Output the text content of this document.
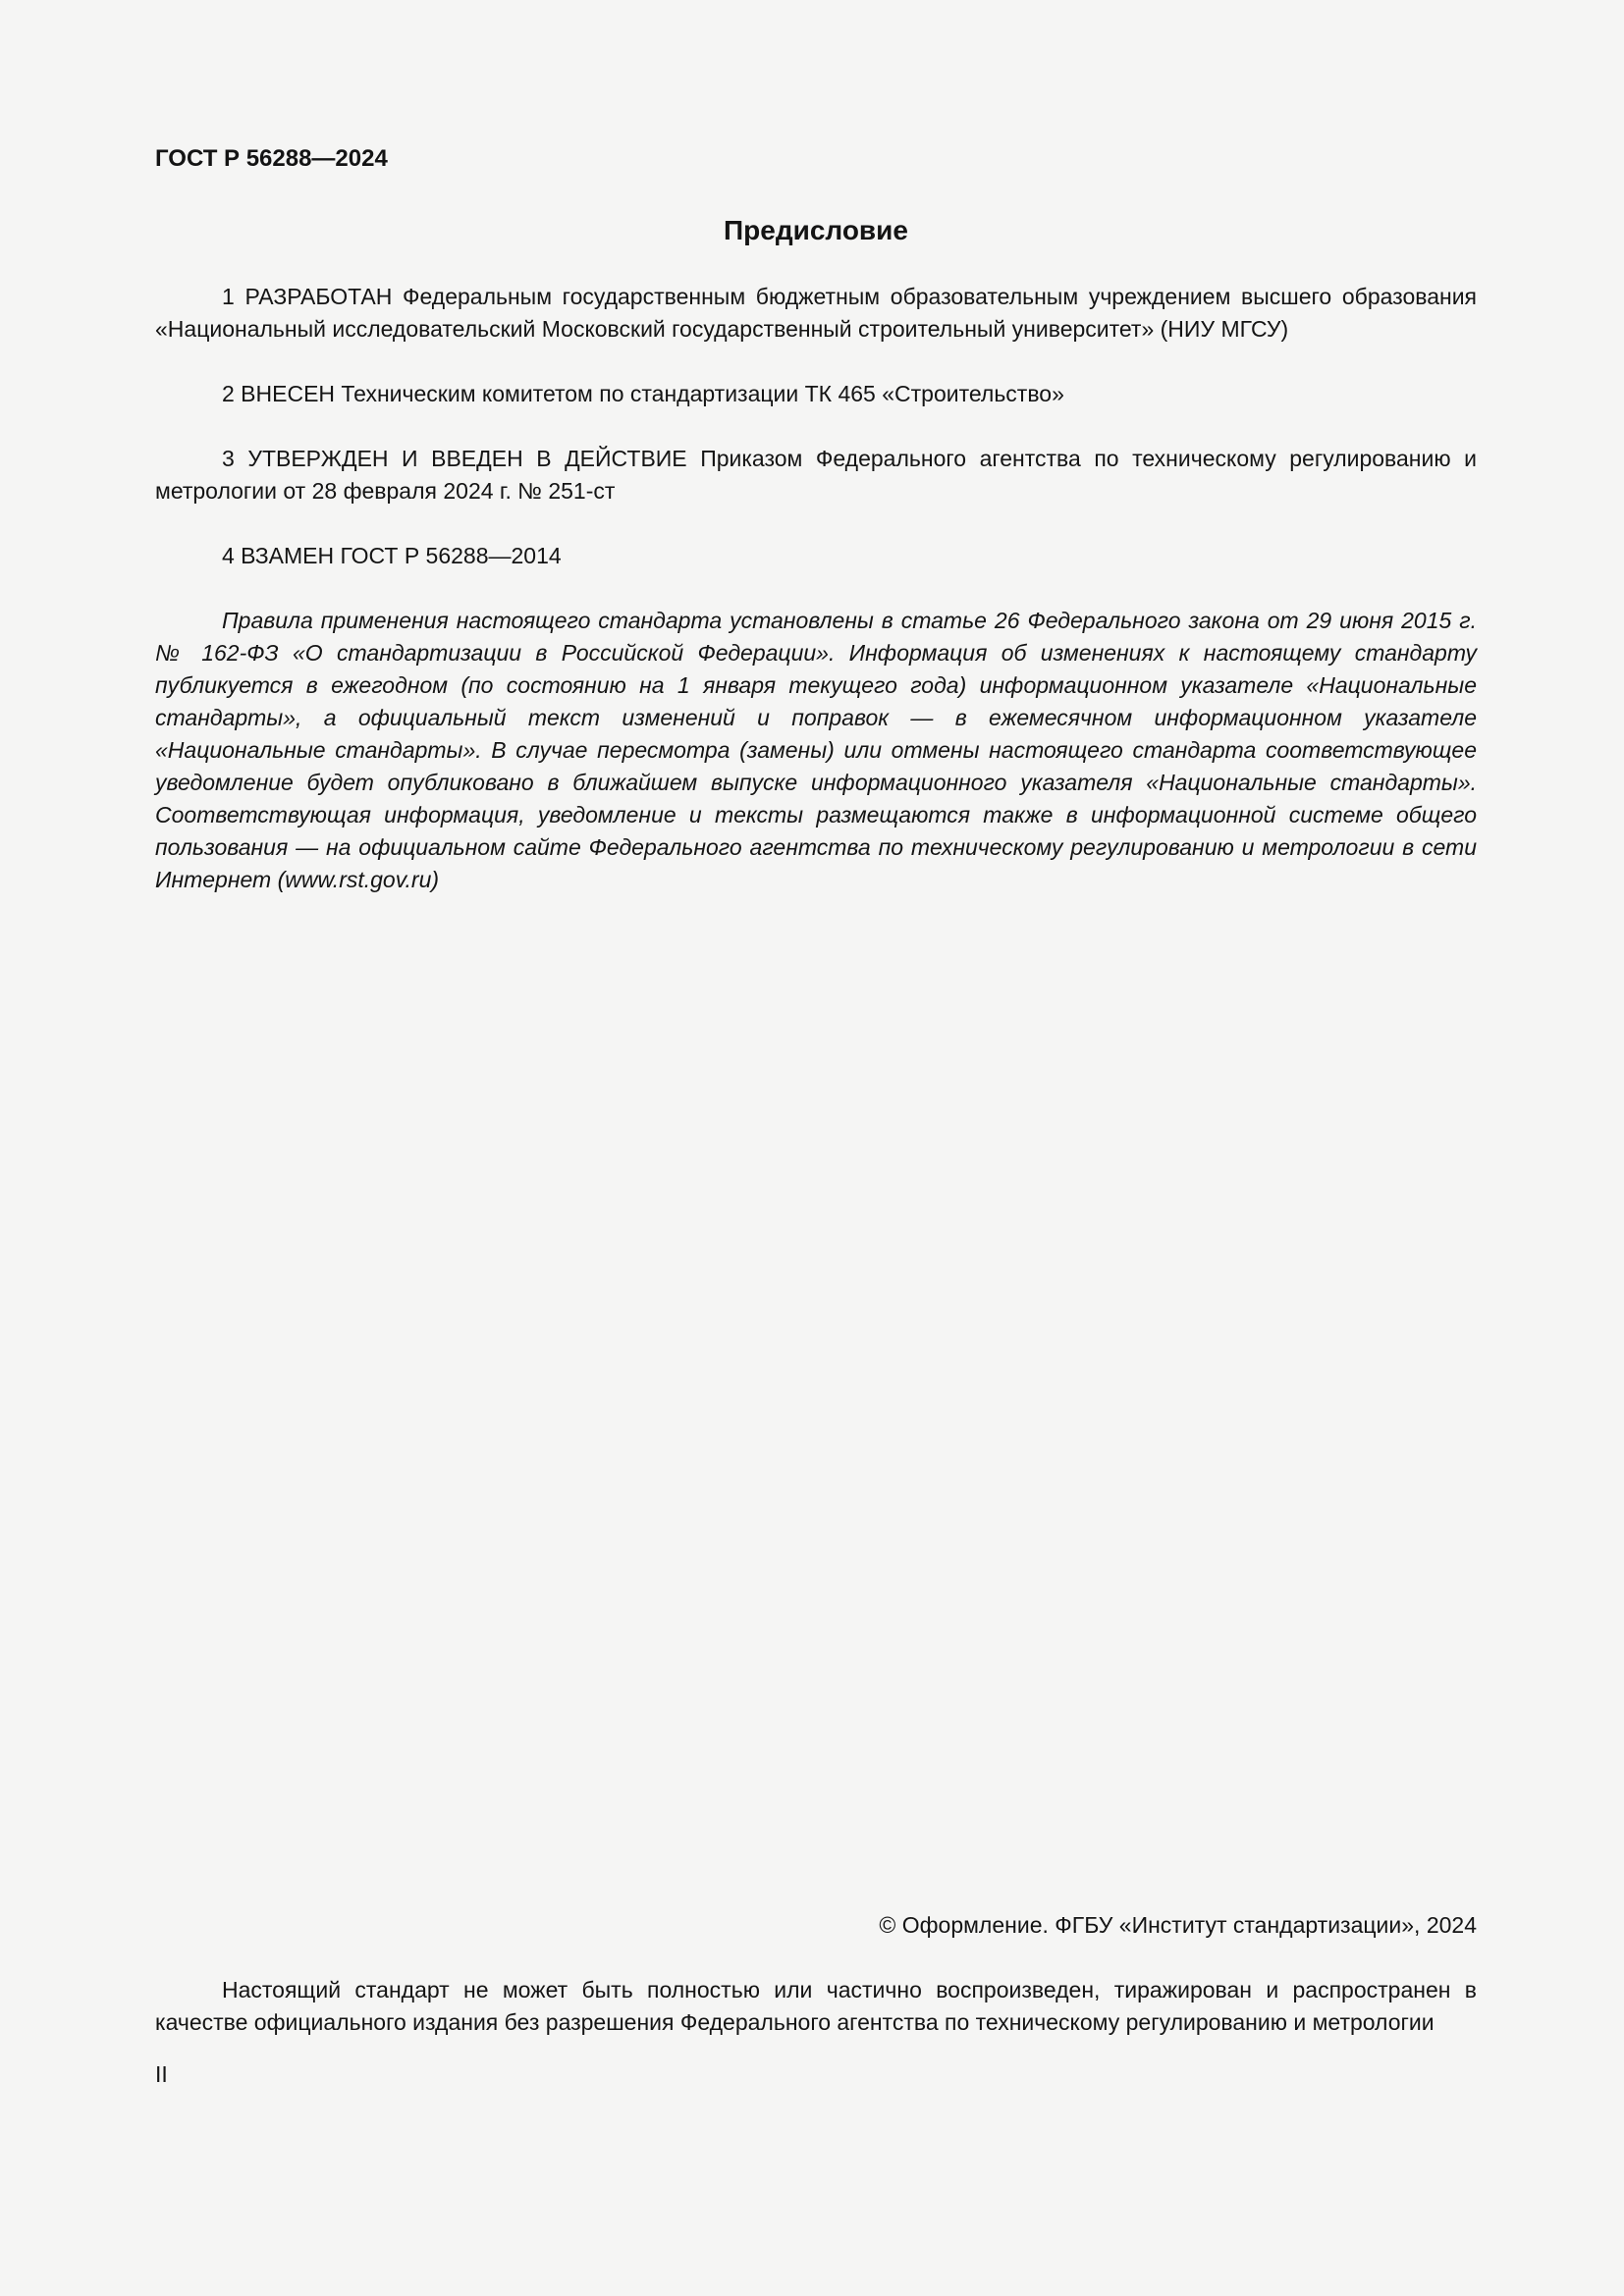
ГОСТ Р 56288—2024
Предисловие

1 РАЗРАБОТАН Федеральным государственным бюджетным образовательным учреждением высшего образования «Национальный исследовательский Московский государственный строительный университет» (НИУ МГСУ)

2 ВНЕСЕН Техническим комитетом по стандартизации ТК 465 «Строительство»

3 УТВЕРЖДЕН И ВВЕДЕН В ДЕЙСТВИЕ Приказом Федерального агентства по техническому регулированию и метрологии от 28 февраля 2024 г. № 251-ст

4 ВЗАМЕН ГОСТ Р 56288—2014

Правила применения настоящего стандарта установлены в статье 26 Федерального закона от 29 июня 2015 г. № 162-ФЗ «О стандартизации в Российской Федерации». Информация об изменениях к настоящему стандарту публикуется в ежегодном (по состоянию на 1 января текущего года) информационном указателе «Национальные стандарты», а официальный текст изменений и поправок — в ежемесячном информационном указателе «Национальные стандарты». В случае пересмотра (замены) или отмены настоящего стандарта соответствующее уведомление будет опубликовано в ближайшем выпуске информационного указателя «Национальные стандарты». Соответствующая информация, уведомление и тексты размещаются также в информационной системе общего пользования — на официальном сайте Федерального агентства по техническому регулированию и метрологии в сети Интернет (www.rst.gov.ru)

© Оформление. ФГБУ «Институт стандартизации», 2024

Настоящий стандарт не может быть полностью или частично воспроизведен, тиражирован и распространен в качестве официального издания без разрешения Федерального агентства по техническому регулированию и метрологии

II
